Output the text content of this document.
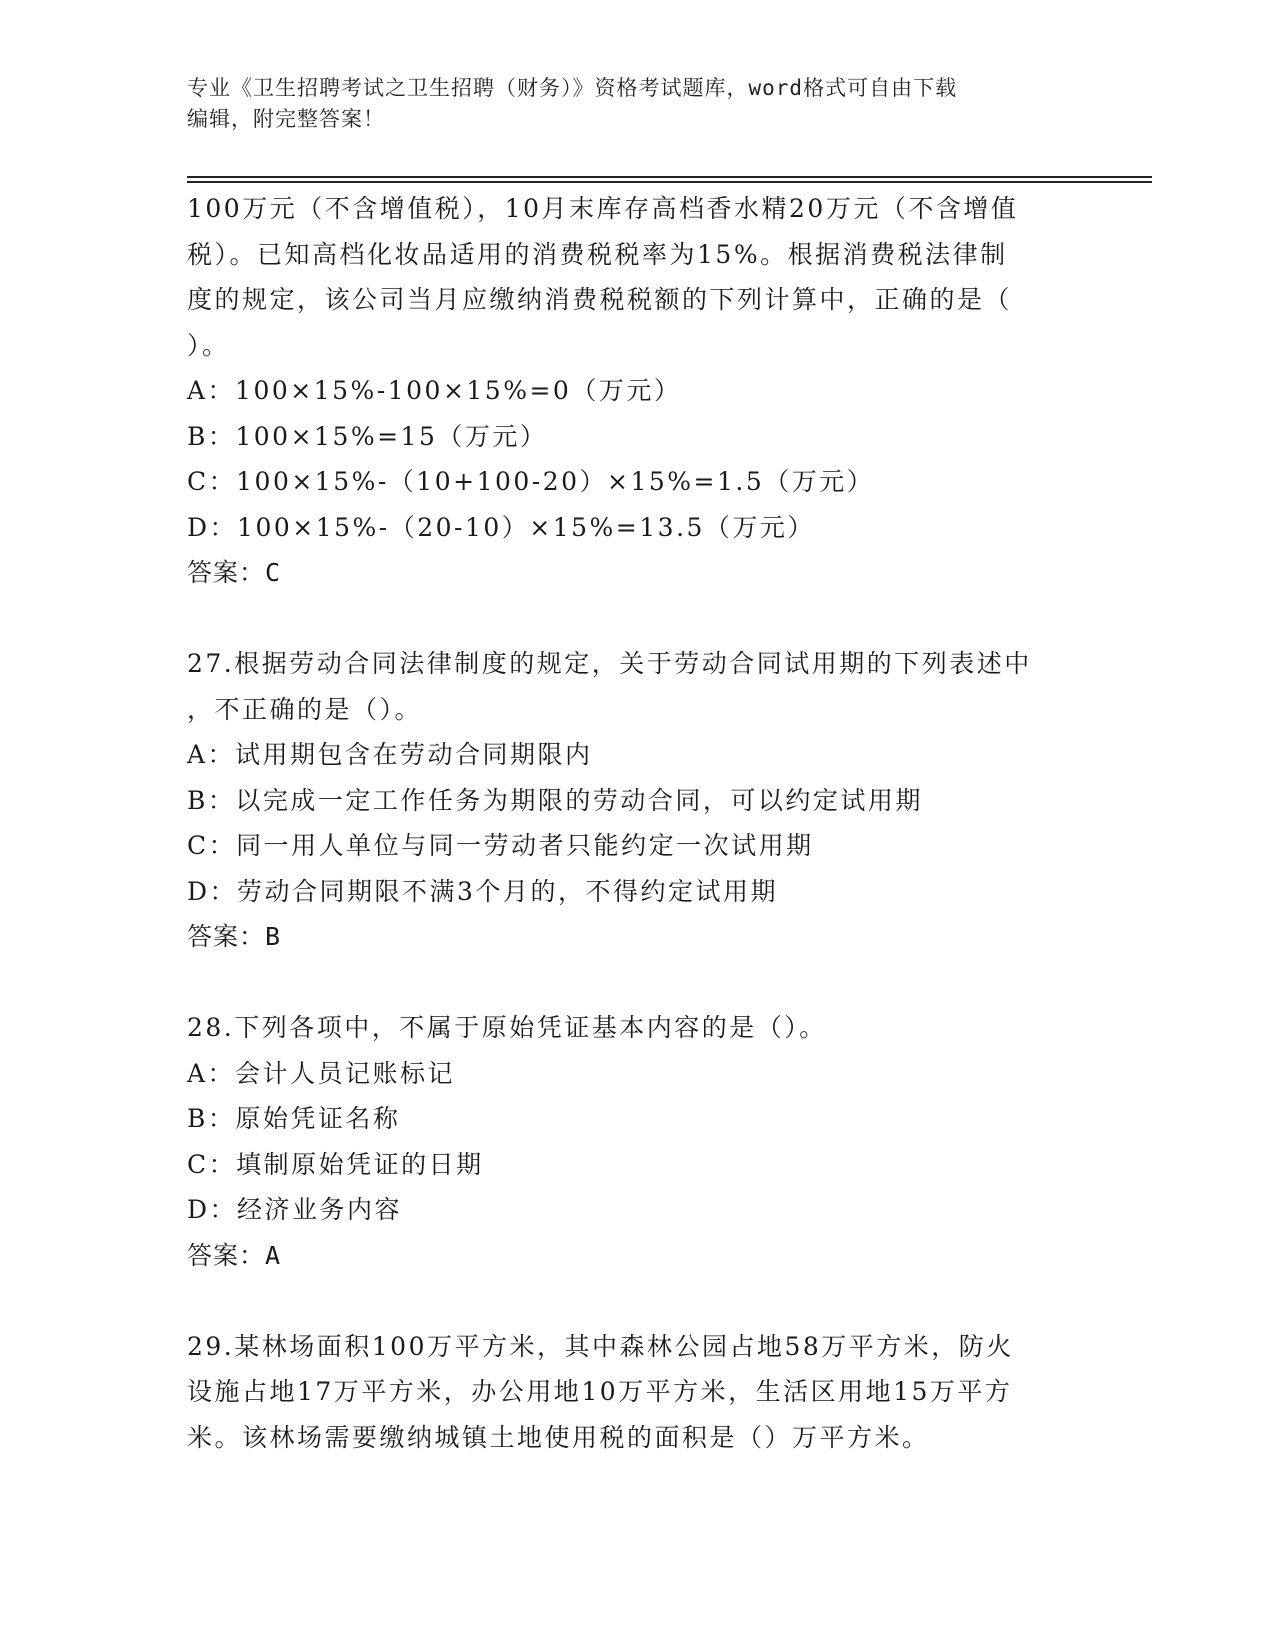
专业《卫生招聘考试之卫生招聘（财务）》资格考试题库，word格式可自由下载
编辑，附完整答案！
100万元（不含增值税），10月末库存高档香水精20万元（不含增值
税）。已知高档化妆品适用的消费税税率为15%。根据消费税法律制
度的规定，该公司当月应缴纳消费税税额的下列计算中，正确的是（
）。
A：100×15%-100×15%=0（万元）
B：100×15%=15（万元）
C：100×15%-（10+100-20）×15%=1.5（万元）
D：100×15%-（20-10）×15%=13.5（万元）
答案：C
27.根据劳动合同法律制度的规定，关于劳动合同试用期的下列表述中
，不正确的是（）。
A：试用期包含在劳动合同期限内
B：以完成一定工作任务为期限的劳动合同，可以约定试用期
C：同一用人单位与同一劳动者只能约定一次试用期
D：劳动合同期限不满3个月的，不得约定试用期
答案：B
28.下列各项中，不属于原始凭证基本内容的是（）。
A：会计人员记账标记
B：原始凭证名称
C：填制原始凭证的日期
D：经济业务内容
答案：A
29.某林场面积100万平方米，其中森林公园占地58万平方米，防火
设施占地17万平方米，办公用地10万平方米，生活区用地15万平方
米。该林场需要缴纳城镇土地使用税的面积是（）万平方米。
